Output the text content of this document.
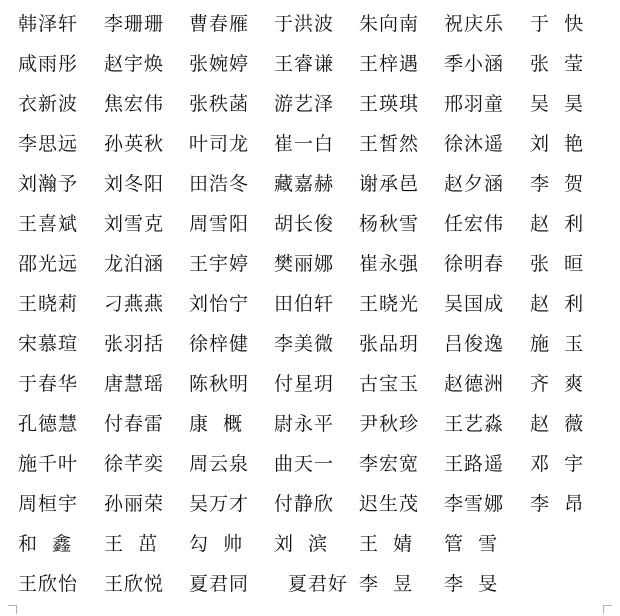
韩泽轩 李珊珊 曹春雁 于洪波 朱向南 祝庆乐 于  快
咸雨彤 赵宇焕 张婉婷 王睿谦 王梓遇 季小涵 张  莹
衣新波 焦宏伟 张秩菡 游艺泽 王瑛琪 邢羽童 吴  昊
李思远 孙英秋 叶司龙 崔一白 王皙然 徐沐遥 刘  艳
刘瀚予 刘冬阳 田浩冬 藏嘉赫 谢承邑 赵夕涵 李  贺
王喜斌 刘雪克 周雪阳 胡长俊 杨秋雪 任宏伟 赵  利
邵光远 龙泊涵 王宇婷 樊丽娜 崔永强 徐明春 张  晅
王晓莉 刁燕燕 刘怡宁 田伯轩 王晓光 吴国成 赵  利
宋慕瑄 张羽括 徐梓健 李美微 张品玥 吕俊逸 施  玉
于春华 唐慧瑶 陈秋明 付星玥 古宝玉 赵德洲 齐  爽
孔德慧 付春雷 康  概 尉永平 尹秋珍 王艺淼 赵  薇
施千叶 徐芊奕 周云泉 曲天一 李宏宽 王路遥 邓  宇
周桓宇 孙丽荣 吴万才 付静欣 迟生茂 李雪娜 李  昂
和  鑫 王  茁 勾  帅 刘  滨 王  婧 管  雪
王欣怡 王欣悦 夏君同 夏君好 李  昱 李  旻
